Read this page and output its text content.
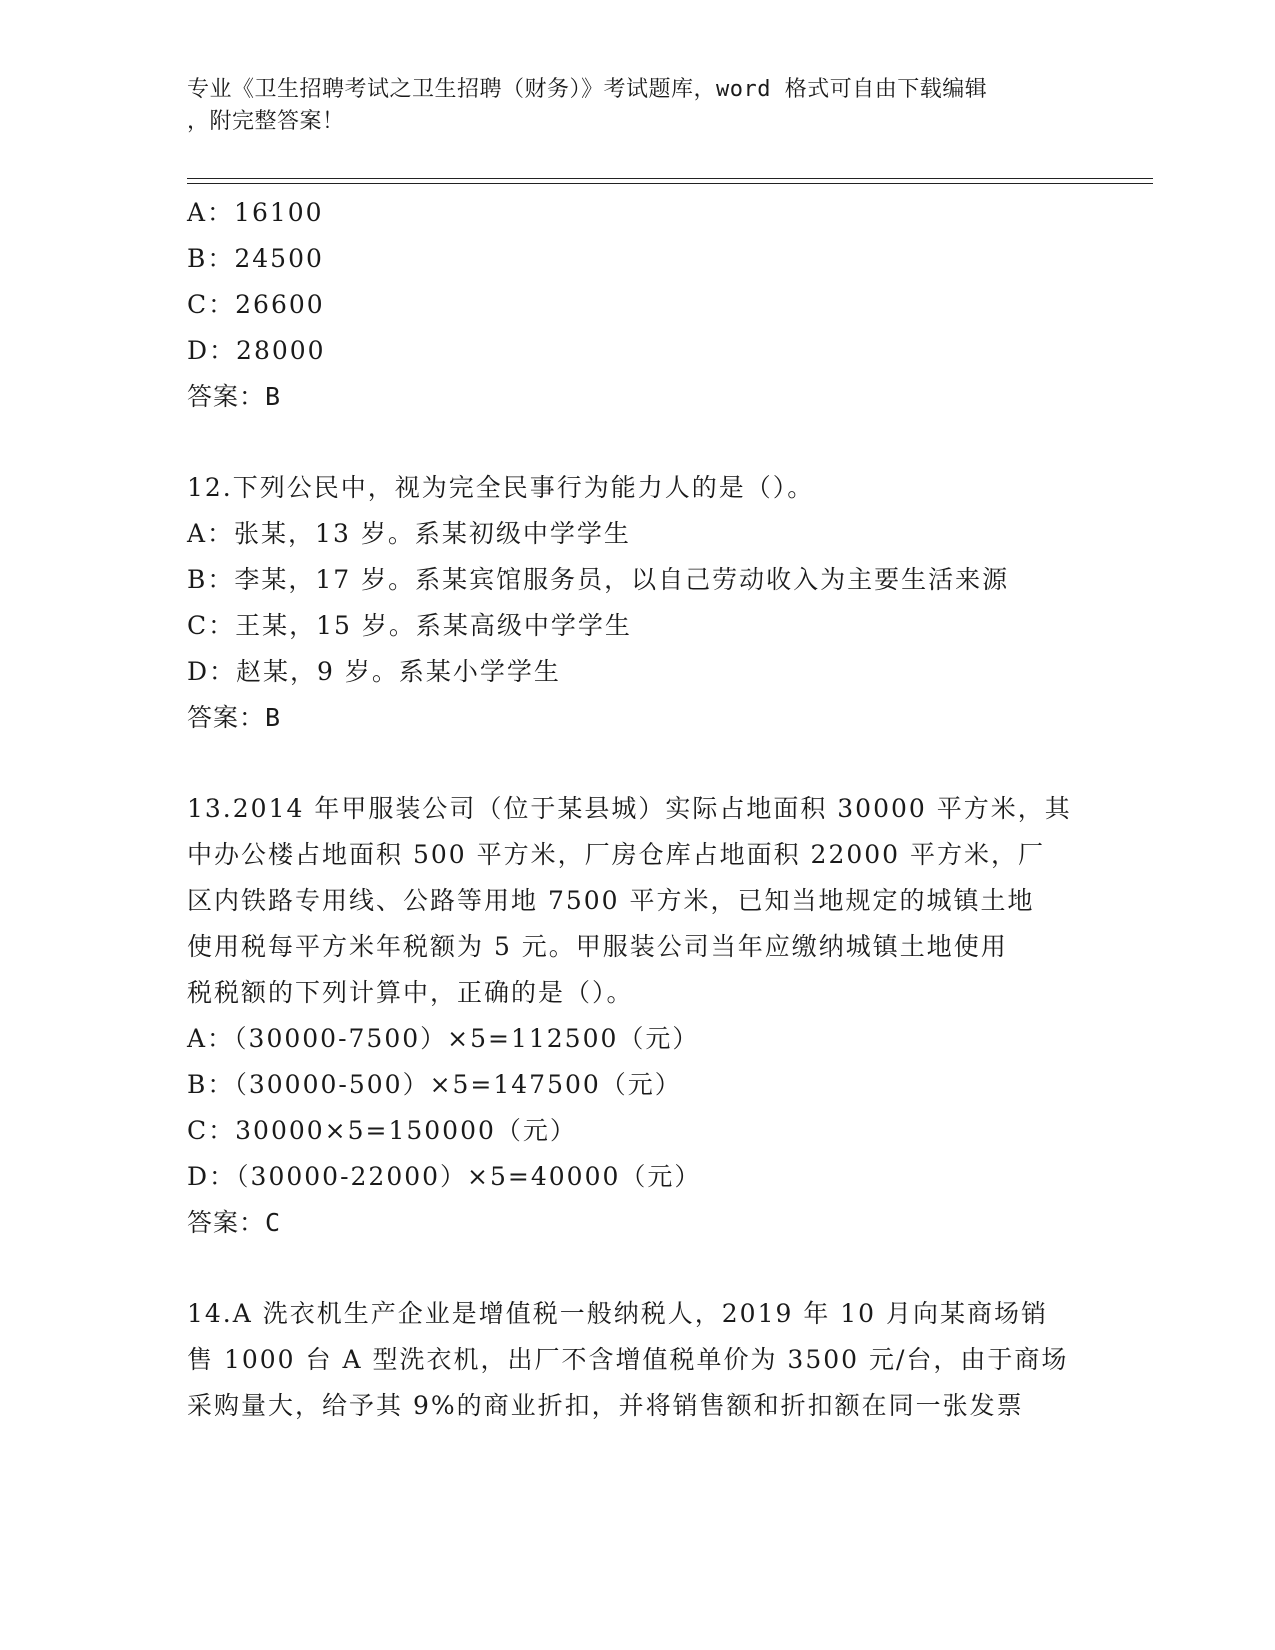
专业《卫生招聘考试之卫生招聘（财务）》考试题库，word 格式可自由下载编辑
，附完整答案！
A：16100
B：24500
C：26600
D：28000
答案：B
12.下列公民中，视为完全民事行为能力人的是（）。
A：张某，13 岁。系某初级中学学生
B：李某，17 岁。系某宾馆服务员，以自己劳动收入为主要生活来源
C：王某，15 岁。系某高级中学学生
D：赵某，9 岁。系某小学学生
答案：B
13.2014 年甲服装公司（位于某县城）实际占地面积 30000 平方米，其
中办公楼占地面积 500 平方米，厂房仓库占地面积 22000 平方米，厂
区内铁路专用线、公路等用地 7500 平方米，已知当地规定的城镇土地
使用税每平方米年税额为 5 元。甲服装公司当年应缴纳城镇土地使用
税税额的下列计算中，正确的是（）。
A：（30000-7500）×5=112500（元）
B：（30000-500）×5=147500（元）
C：30000×5=150000（元）
D：（30000-22000）×5=40000（元）
答案：C
14.A 洗衣机生产企业是增值税一般纳税人，2019 年 10 月向某商场销
售 1000 台 A 型洗衣机，出厂不含增值税单价为 3500 元/台，由于商场
采购量大，给予其 9%的商业折扣，并将销售额和折扣额在同一张发票
